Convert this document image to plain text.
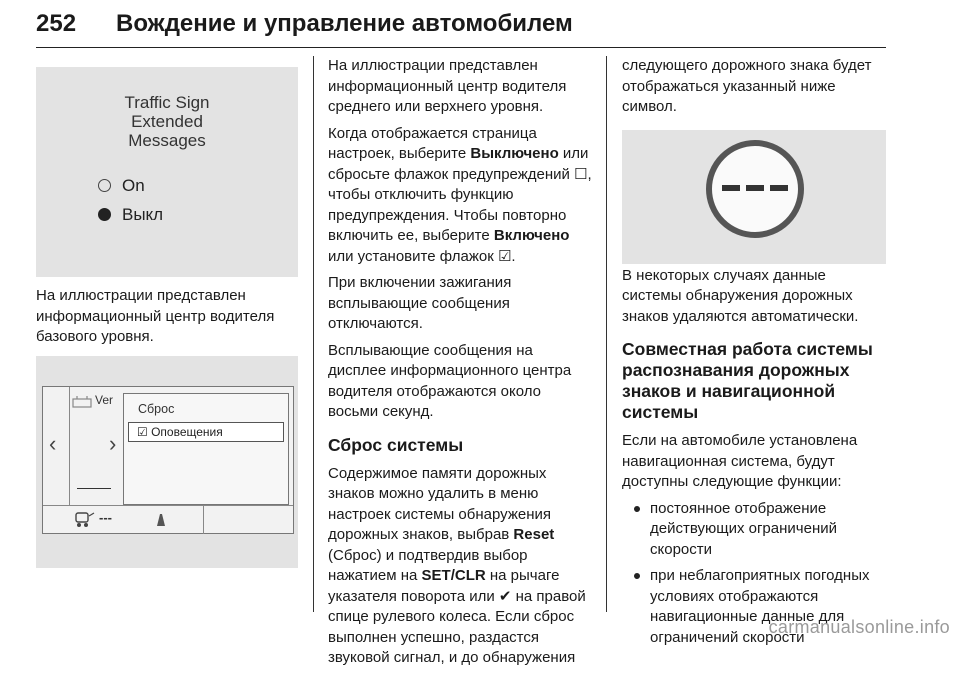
252 Вождение и управление автомобилем
Traffic Sign
Extended
Messages
On
Выкл

На иллюстрации представлен информационный центр водителя базового уровня.

‹
Ver
›
Сброс
☑ Оповещения
---

На иллюстрации представлен информационный центр водителя среднего или верхнего уровня.

Когда отображается страница настроек, выберите Выключено или сбросьте флажок предупреждений ☐, чтобы отключить функцию предупреждения. Чтобы повторно включить ее, выберите Включено или установите флажок ☑.

При включении зажигания всплывающие сообщения отключаются.

Всплывающие сообщения на дисплее информационного центра водителя отображаются около восьми секунд.

Сброс системы

Содержимое памяти дорожных знаков можно удалить в меню настроек системы обнаружения дорожных знаков, выбрав Reset (Сброс) и подтвердив выбор нажатием на SET/CLR на рычаге указателя поворота или ✔ на правой спице рулевого колеса. Если сброс выполнен успешно, раздастся звуковой сигнал, и до обнаружения

следующего дорожного знака будет отображаться указанный ниже символ.

В некоторых случаях данные системы обнаружения дорожных знаков удаляются автоматически.

Совместная работа системы распознавания дорожных знаков и навигационной системы

Если на автомобиле установлена навигационная система, будут доступны следующие функции:

постоянное отображение действующих ограничений скорости

при неблагоприятных погодных условиях отображаются навигационные данные для ограничений скорости

carmanualsonline.info
